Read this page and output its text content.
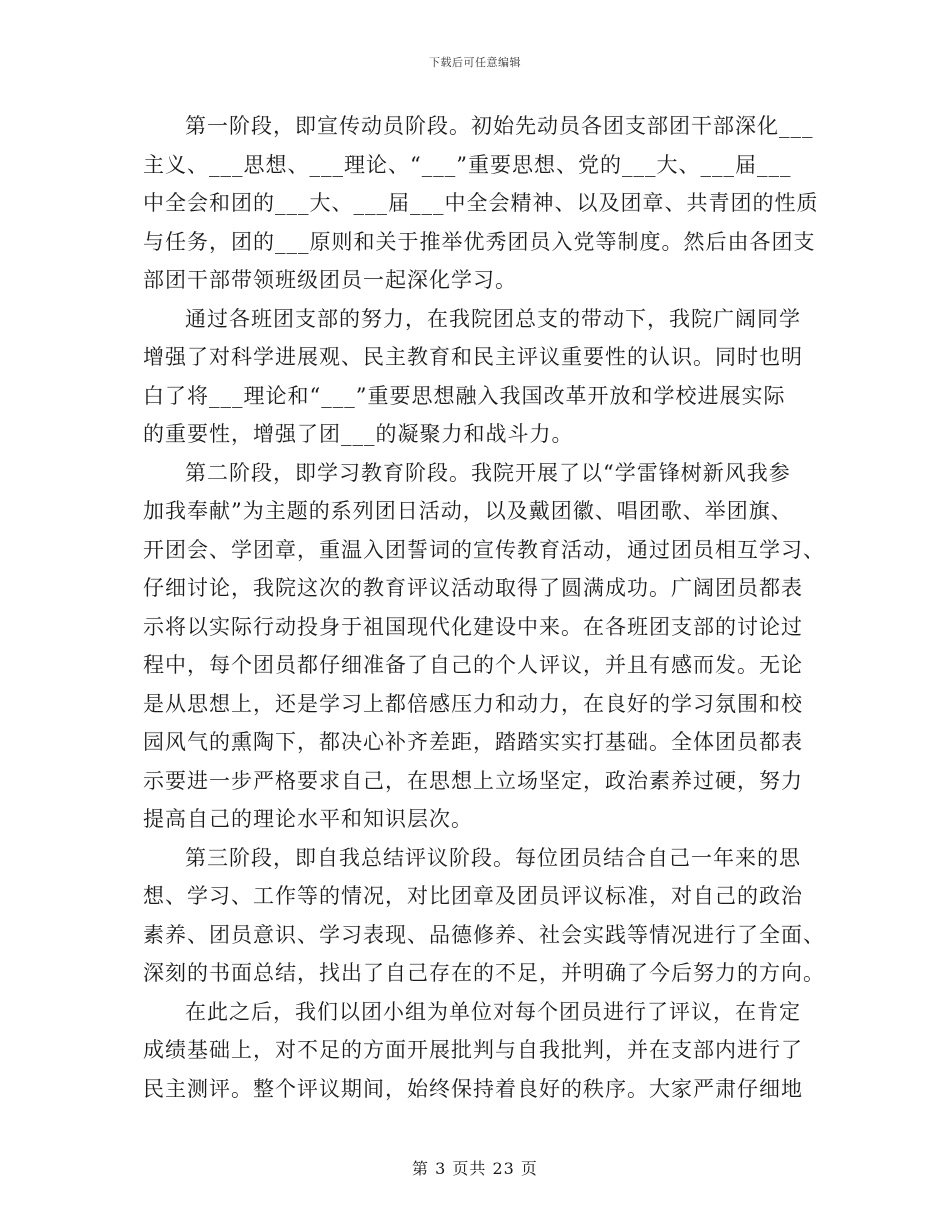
下载后可任意编辑

第一阶段，即宣传动员阶段。初始先动员各团支部团干部深化___
主义、___思想、___理论、“___”重要思想、党的___大、___届___
中全会和团的___大、___届___中全会精神、以及团章、共青团的性质
与任务，团的___原则和关于推举优秀团员入党等制度。然后由各团支
部团干部带领班级团员一起深化学习。

通过各班团支部的努力，在我院团总支的带动下，我院广阔同学
增强了对科学进展观、民主教育和民主评议重要性的认识。同时也明
白了将___理论和“___”重要思想融入我国改革开放和学校进展实际
的重要性，增强了团___的凝聚力和战斗力。

第二阶段，即学习教育阶段。我院开展了以“学雷锋树新风我参
加我奉献”为主题的系列团日活动，以及戴团徽、唱团歌、举团旗、
开团会、学团章，重温入团誓词的宣传教育活动，通过团员相互学习、
仔细讨论，我院这次的教育评议活动取得了圆满成功。广阔团员都表
示将以实际行动投身于祖国现代化建设中来。在各班团支部的讨论过
程中，每个团员都仔细准备了自己的个人评议，并且有感而发。无论
是从思想上，还是学习上都倍感压力和动力，在良好的学习氛围和校
园风气的熏陶下，都决心补齐差距，踏踏实实打基础。全体团员都表
示要进一步严格要求自己，在思想上立场坚定，政治素养过硬，努力
提高自己的理论水平和知识层次。

第三阶段，即自我总结评议阶段。每位团员结合自己一年来的思
想、学习、工作等的情况，对比团章及团员评议标准，对自己的政治
素养、团员意识、学习表现、品德修养、社会实践等情况进行了全面、
深刻的书面总结，找出了自己存在的不足，并明确了今后努力的方向。

在此之后，我们以团小组为单位对每个团员进行了评议，在肯定
成绩基础上，对不足的方面开展批判与自我批判，并在支部内进行了
民主测评。整个评议期间，始终保持着良好的秩序。大家严肃仔细地

第 3 页共 23 页
